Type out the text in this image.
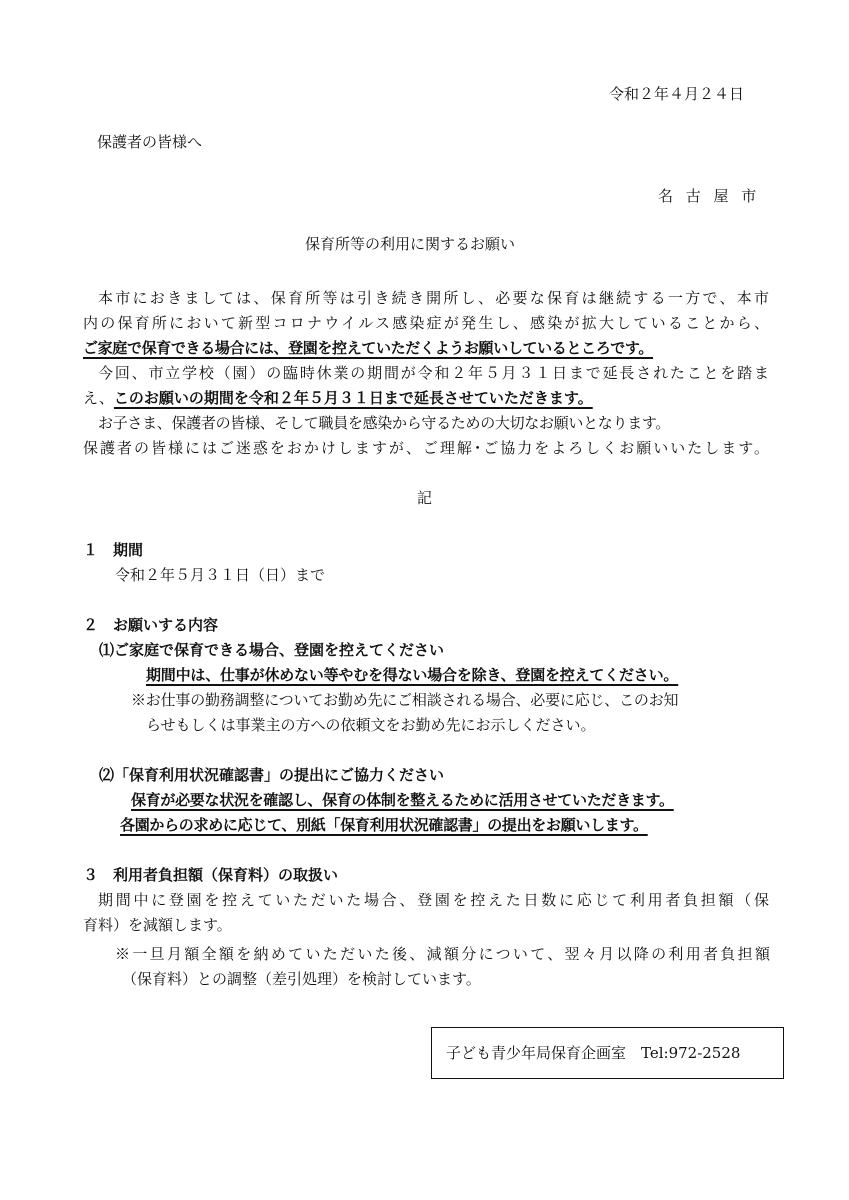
令和２年４月２４日
保護者の皆様へ
名 古 屋 市
保育所等の利用に関するお願い
本市におきましては、保育所等は引き続き開所し、必要な保育は継続する一方で、本市
内の保育所において新型コロナウイルス感染症が発生し、感染が拡大していることから、
ご家庭で保育できる場合には、登園を控えていただくようお願いしているところです。
今回、市立学校（園）の臨時休業の期間が令和２年５月３１日まで延長されたことを踏ま
え、このお願いの期間を令和２年５月３１日まで延長させていただきます。
お子さま、保護者の皆様、そして職員を感染から守るための大切なお願いとなります。
保護者の皆様にはご迷惑をおかけしますが、ご理解･ご協力をよろしくお願いいたします。
記
１　期間
令和２年５月３１日（日）まで
２　お願いする内容
⑴ご家庭で保育できる場合、登園を控えてください
期間中は、仕事が休めない等やむを得ない場合を除き、登園を控えてください。
※お仕事の勤務調整についてお勤め先にご相談される場合、必要に応じ、このお知
らせもしくは事業主の方への依頼文をお勤め先にお示しください。
⑵「保育利用状況確認書」の提出にご協力ください
保育が必要な状況を確認し、保育の体制を整えるために活用させていただきます。
各園からの求めに応じて、別紙「保育利用状況確認書」の提出をお願いします。
３　利用者負担額（保育料）の取扱い
期間中に登園を控えていただいた場合、登園を控えた日数に応じて利用者負担額（保
育料）を減額します。
※一旦月額全額を納めていただいた後、減額分について、翌々月以降の利用者負担額
（保育料）との調整（差引処理）を検討しています。
子ども青少年局保育企画室　Tel:972-2528
